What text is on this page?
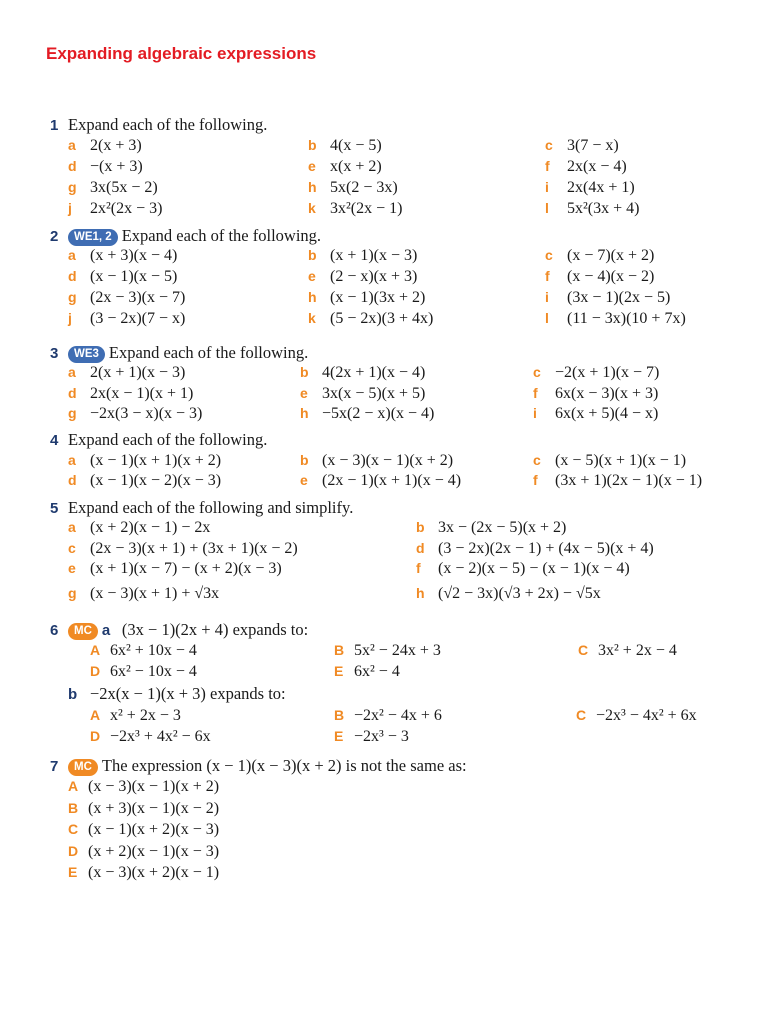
Expanding algebraic expressions
1 Expand each of the following.
a 2(x + 3)	b 4(x − 5)	c 3(7 − x)
d −(x + 3)	e x(x + 2)	f 2x(x − 4)
g 3x(5x − 2)	h 5x(2 − 3x)	i 2x(4x + 1)
j 2x²(2x − 3)	k 3x²(2x − 1)	l 5x²(3x + 4)
2 WE1, 2 Expand each of the following.
a (x + 3)(x − 4)	b (x + 1)(x − 3)	c (x − 7)(x + 2)
d (x − 1)(x − 5)	e (2 − x)(x + 3)	f (x − 4)(x − 2)
g (2x − 3)(x − 7)	h (x − 1)(3x + 2)	i (3x − 1)(2x − 5)
j (3 − 2x)(7 − x)	k (5 − 2x)(3 + 4x)	l (11 − 3x)(10 + 7x)
3 WE3 Expand each of the following.
a 2(x + 1)(x − 3)	b 4(2x + 1)(x − 4)	c −2(x + 1)(x − 7)
d 2x(x − 1)(x + 1)	e 3x(x − 5)(x + 5)	f 6x(x − 3)(x + 3)
g −2x(3 − x)(x − 3)	h −5x(2 − x)(x − 4)	i 6x(x + 5)(4 − x)
4 Expand each of the following.
a (x − 1)(x + 1)(x + 2)	b (x − 3)(x − 1)(x + 2)	c (x − 5)(x + 1)(x − 1)
d (x − 1)(x − 2)(x − 3)	e (2x − 1)(x + 1)(x − 4)	f (3x + 1)(2x − 1)(x − 1)
5 Expand each of the following and simplify.
a (x + 2)(x − 1) − 2x	b 3x − (2x − 5)(x + 2)
c (2x − 3)(x + 1) + (3x + 1)(x − 2)	d (3 − 2x)(2x − 1) + (4x − 5)(x + 4)
e (x + 1)(x − 7) − (x + 2)(x − 3)	f (x − 2)(x − 5) − (x − 1)(x − 4)
g (x − 3)(x + 1) + √3x	h (√2 − 3x)(√3 + 2x) − √5x
6 MC a (3x − 1)(2x + 4) expands to:
A 6x² + 10x − 4	B 5x² − 24x + 3	C 3x² + 2x − 4
D 6x² − 10x − 4	E 6x² − 4
b −2x(x − 1)(x + 3) expands to:
A x² + 2x − 3	B −2x² − 4x + 6	C −2x³ − 4x² + 6x
D −2x³ + 4x² − 6x	E −2x³ − 3
7 MC The expression (x − 1)(x − 3)(x + 2) is not the same as:
A (x − 3)(x − 1)(x + 2)
B (x + 3)(x − 1)(x − 2)
C (x − 1)(x + 2)(x − 3)
D (x + 2)(x − 1)(x − 3)
E (x − 3)(x + 2)(x − 1)
